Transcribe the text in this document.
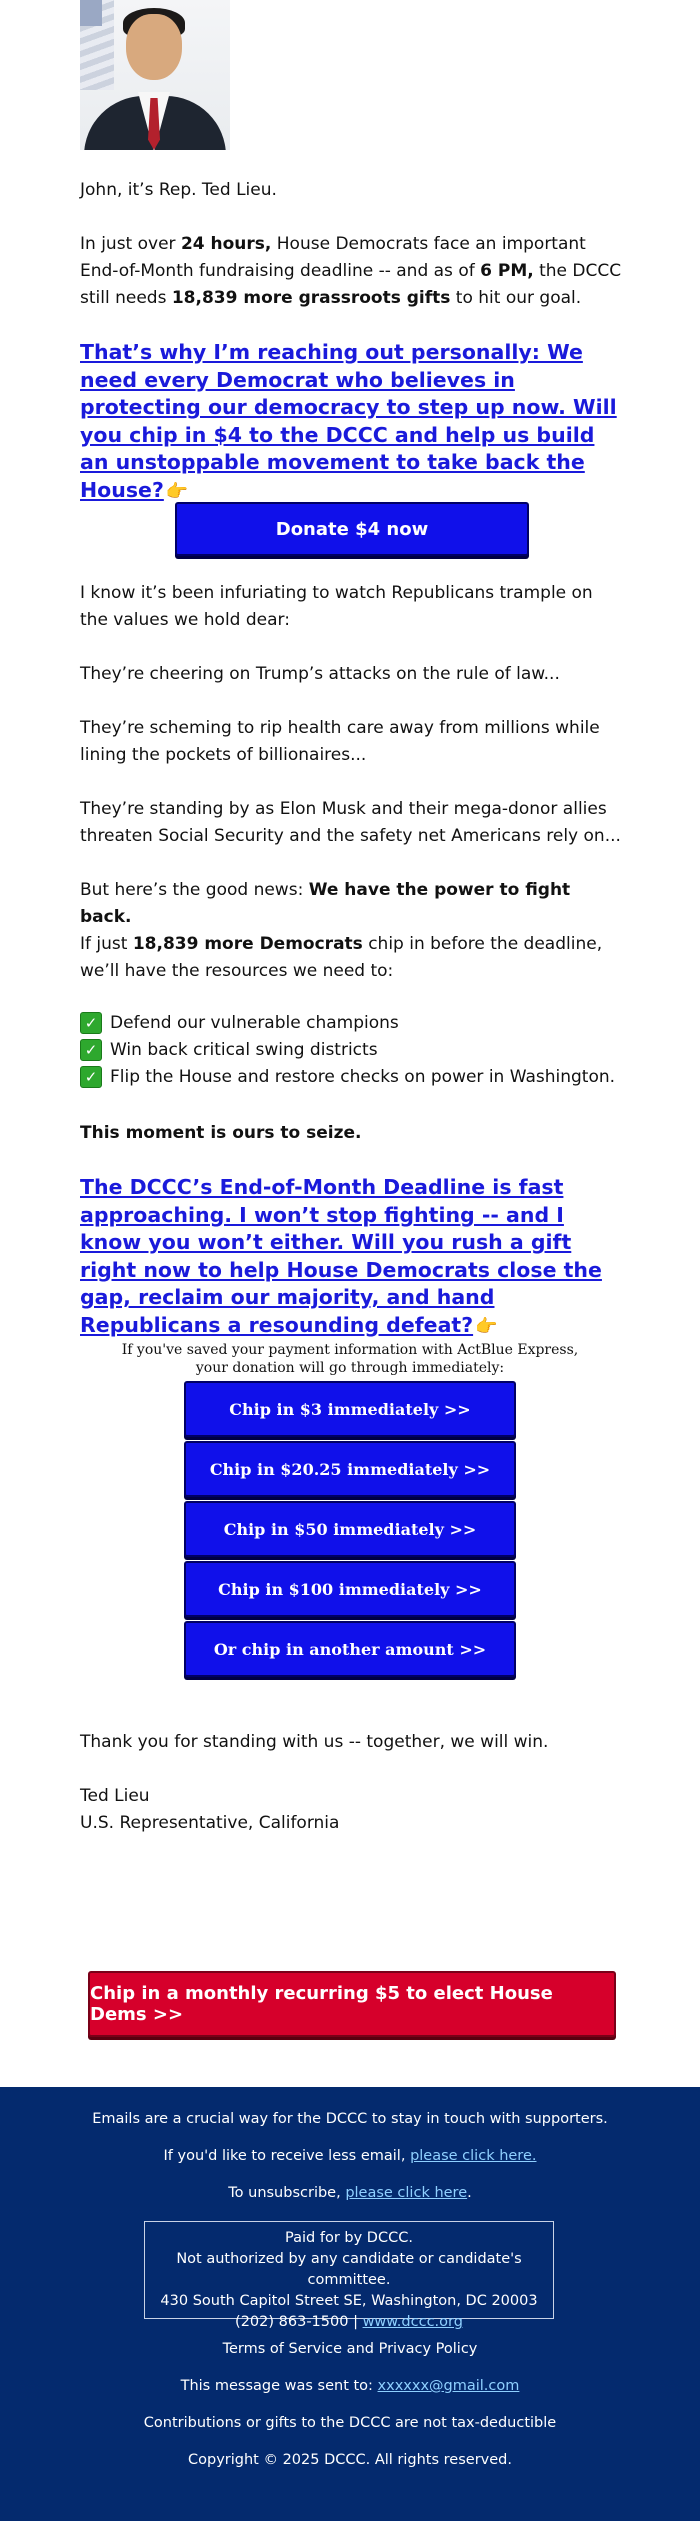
John, it’s Rep. Ted Lieu.

In just over 24 hours, House Democrats face an important End-of-Month fundraising deadline -- and as of 6 PM, the DCCC still needs 18,839 more grassroots gifts to hit our goal.

That’s why I’m reaching out personally: We need every Democrat who believes in protecting our democracy to step up now. Will you chip in $4 to the DCCC and help us build an unstoppable movement to take back the House? 👉

Donate $4 now

I know it’s been infuriating to watch Republicans trample on the values we hold dear:

They’re cheering on Trump’s attacks on the rule of law...

They’re scheming to rip health care away from millions while lining the pockets of billionaires...

They’re standing by as Elon Musk and their mega-donor allies threaten Social Security and the safety net Americans rely on...

But here’s the good news: We have the power to fight back.

If just 18,839 more Democrats chip in before the deadline, we’ll have the resources we need to:

✓ Defend our vulnerable champions
✓ Win back critical swing districts
✓ Flip the House and restore checks on power in Washington.

This moment is ours to seize.

The DCCC’s End-of-Month Deadline is fast approaching. I won’t stop fighting -- and I know you won’t either. Will you rush a gift right now to help House Democrats close the gap, reclaim our majority, and hand Republicans a resounding defeat? 👉

If you've saved your payment information with ActBlue Express,
your donation will go through immediately:
Chip in $3 immediately >>
Chip in $20.25 immediately >>
Chip in $50 immediately >>
Chip in $100 immediately >>
Or chip in another amount >>

Thank you for standing with us -- together, we will win.

Ted Lieu

U.S. Representative, California

Chip in a monthly recurring $5 to elect House Dems >>
Emails are a crucial way for the DCCC to stay in touch with supporters.
If you'd like to receive less email, please click here.
To unsubscribe, please click here.
Paid for by DCCC.
Not authorized by any candidate or candidate's committee.
430 South Capitol Street SE, Washington, DC 20003
(202) 863-1500 | www.dccc.org
Terms of Service and Privacy Policy
This message was sent to: xxxxxx@gmail.com
Contributions or gifts to the DCCC are not tax-deductible
Copyright © 2025 DCCC. All rights reserved.
